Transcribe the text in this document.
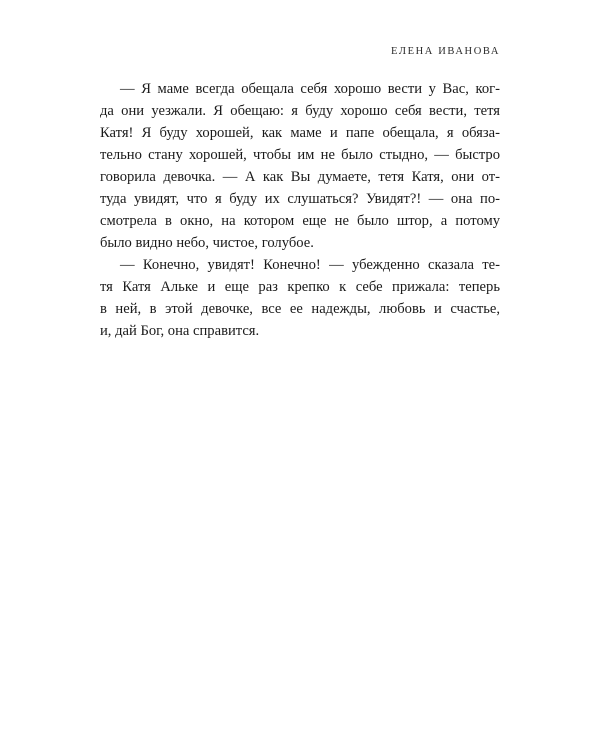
ЕЛЕНА ИВАНОВА
— Я маме всегда обещала себя хорошо вести у Вас, ког-
да они уезжали. Я обещаю: я буду хорошо себя вести, тетя
Катя! Я буду хорошей, как маме и папе обещала, я обяза-
тельно стану хорошей, чтобы им не было стыдно, — быстро
говорила девочка. — А как Вы думаете, тетя Катя, они от-
туда увидят, что я буду их слушаться? Увидят?! — она по-
смотрела в окно, на котором еще не было штор, а потому
было видно небо, чистое, голубое.
— Конечно, увидят! Конечно! — убежденно сказала те-
тя Катя Альке и еще раз крепко к себе прижала: теперь
в ней, в этой девочке, все ее надежды, любовь и счастье,
и, дай Бог, она справится.
